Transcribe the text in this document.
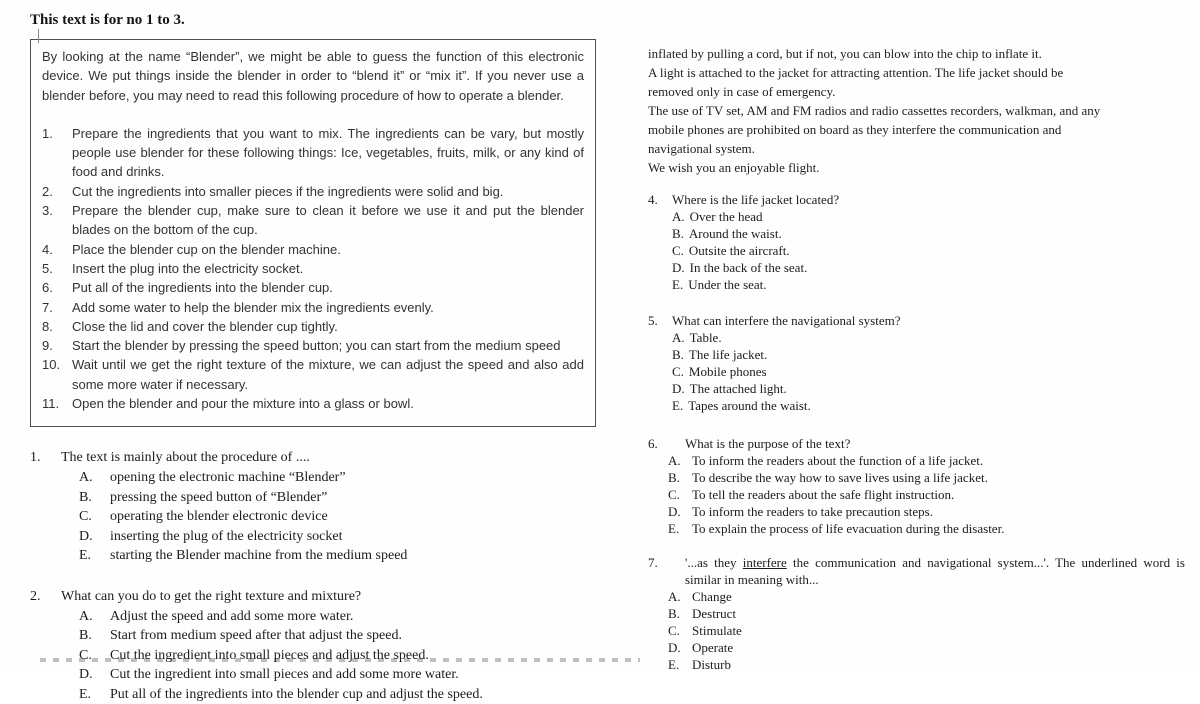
This text is for no 1 to 3.
By looking at the name “Blender”, we might be able to guess the function of this electronic device. We put things inside the blender in order to “blend it” or “mix it”. If you never use a blender before, you may need to read this following procedure of how to operate a blender.
1.	Prepare the ingredients that you want to mix. The ingredients can be vary, but mostly people use blender for these following things: Ice, vegetables, fruits, milk, or any kind of food and drinks.
2.	Cut the ingredients into smaller pieces if the ingredients were solid and big.
3.	Prepare the blender cup, make sure to clean it before we use it and put the blender blades on the bottom of the cup.
4.	Place the blender cup on the blender machine.
5.	Insert the plug into the electricity socket.
6.	Put all of the ingredients into the blender cup.
7.	Add some water to help the blender mix the ingredients evenly.
8.	Close the lid and cover the blender cup tightly.
9.	Start the blender by pressing the speed button; you can start from the medium speed
10. Wait until we get the right texture of the mixture, we can adjust the speed and also add some more water if necessary.
11. Open the blender and pour the mixture into a glass or bowl.
1.	The text is mainly about the procedure of ....
A.	opening the electronic machine “Blender”
B.	pressing the speed button of “Blender”
C.	operating the blender electronic device
D.	inserting the plug of the electricity socket
E.	starting the Blender machine from the medium speed
2.	What can you do to get the right texture and mixture?
A.	Adjust the speed and add some more water.
B.	Start from medium speed after that adjust the speed.
C.	Cut the ingredient into small pieces and adjust the speed.
D.	Cut the ingredient into small pieces and add some more water.
E.	Put all of the ingredients into the blender cup and adjust the speed.
inflated by pulling a cord, but if not, you can blow into the chip to inflate it.
A light is attached to the jacket for attracting attention. The life jacket should be
removed only in case of emergency.
The use of TV set, AM and FM radios and radio cassettes recorders, walkman, and any
mobile phones are prohibited on board as they interfere the communication and
navigational system.
We wish you an enjoyable flight.
4.	Where is the life jacket located?
A. Over the head
B. Around the waist.
C. Outsite the aircraft.
D. In the back of the seat.
E. Under the seat.
5.	What can interfere the navigational system?
A. Table.
B. The life jacket.
C. Mobile phones
D. The attached light.
E. Tapes around the waist.
6.	What is the purpose of the text?
A. To inform the readers about the function of a life jacket.
B. To describe the way how to save lives using a life jacket.
C. To tell the readers about the safe flight instruction.
D. To inform the readers to take precaution steps.
E. To explain the process of life evacuation during the disaster.
7.	'...as they interfere the communication and navigational system...'. The underlined word is similar in meaning with...
A. Change
B. Destruct
C. Stimulate
D. Operate
E. Disturb
